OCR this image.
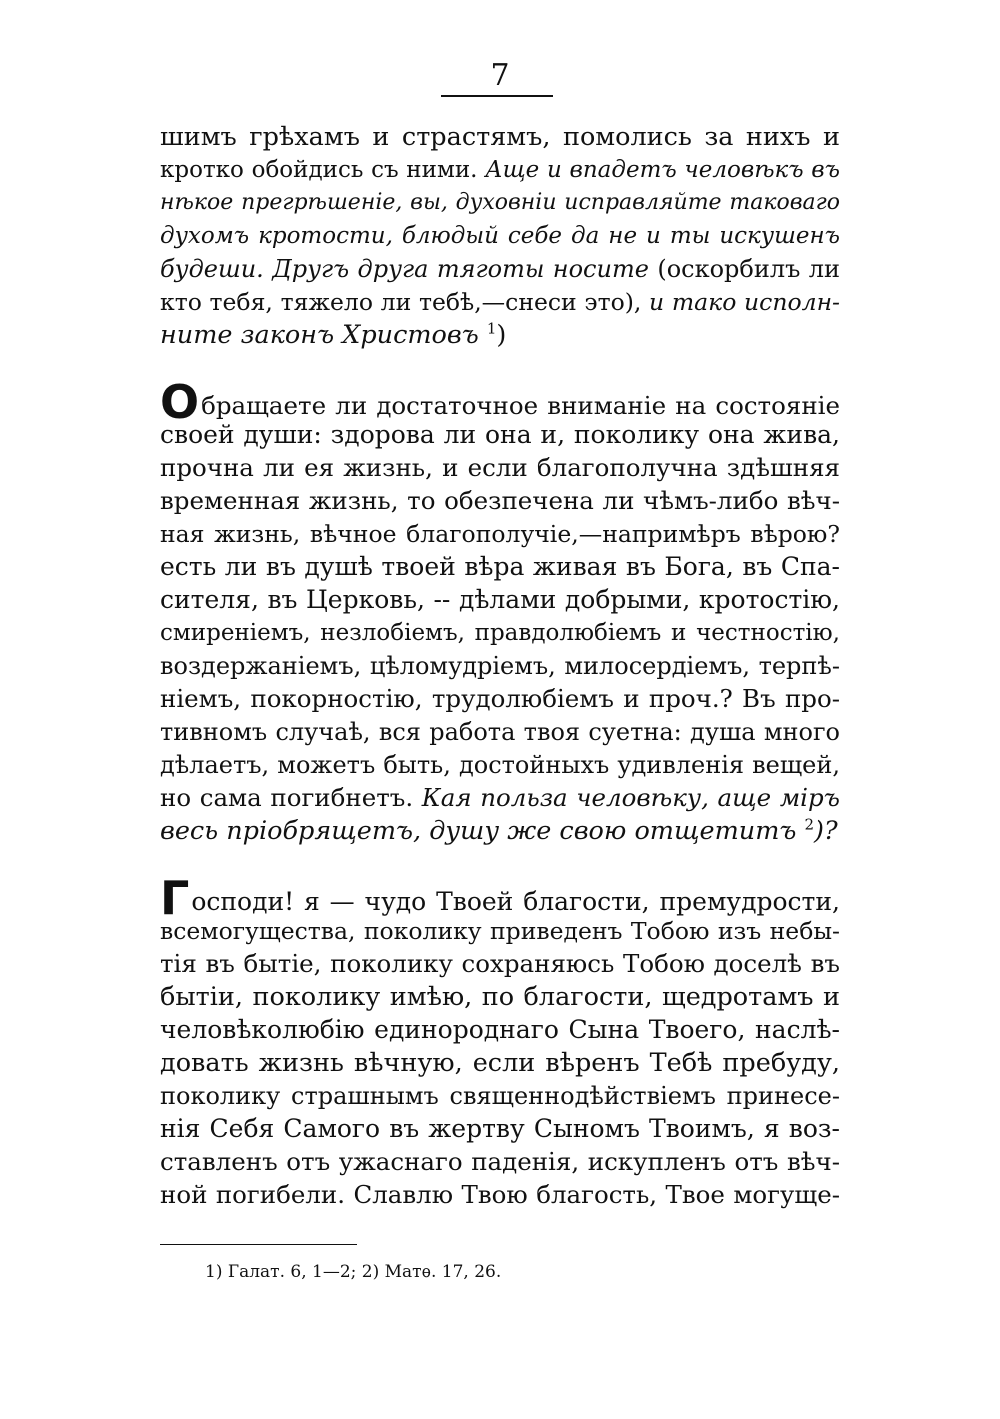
7
шимъ грѣхамъ и страстямъ, помолись за нихъ и
кротко обойдись съ ними. Аще и впадетъ человѣкъ въ
нѣкое прегрѣшеніе, вы, духовніи исправляйте таковаго
духомъ кротости, блюдый себе да не и ты искушенъ
будеши. Другъ друга тяготы носите (оскорбилъ ли
кто тебя, тяжело ли тебѣ,—снеси это), и тако исполн-
ните законъ Христовъ $^1$)
Обращаете ли достаточное вниманіе на состояніе
своей души: здорова ли она и, поколику она жива,
прочна ли ея жизнь, и если благополучна здѣшняя
временная жизнь, то обезпечена ли чѣмъ-либо вѣч-
ная жизнь, вѣчное благополучіе,—напримѣръ вѣрою?
есть ли въ душѣ твоей вѣра живая въ Бога, въ Спа-
сителя, въ Церковь, -- дѣлами добрыми, кротостію,
смиреніемъ, незлобіемъ, правдолюбіемъ и честностію,
воздержаніемъ, цѣломудріемъ, милосердіемъ, терпѣ-
ніемъ, покорностію, трудолюбіемъ и проч.? Въ про-
тивномъ случаѣ, вся работа твоя суетна: душа много
дѣлаетъ, можетъ быть, достойныхъ удивленія вещей,
но сама погибнетъ. Кая польза человѣку, аще міръ
весь пріобрящетъ, душу же свою отщетитъ $^2$)?
Господи! я — чудо Твоей благости, премудрости,
всемогущества, поколику приведенъ Тобою изъ небы-
тія въ бытіе, поколику сохраняюсь Тобою доселѣ въ
бытіи, поколику имѣю, по благости, щедротамъ и
человѣколюбію единороднаго Сына Твоего, наслѣ-
довать жизнь вѣчную, если вѣренъ Тебѣ пребуду,
поколику страшнымъ священнодѣйствіемъ принесе-
нія Себя Самого въ жертву Сыномъ Твоимъ, я воз-
ставленъ отъ ужаснаго паденія, искупленъ отъ вѣч-
ной погибели. Славлю Твою благость, Твое могуще-
1) Галат. 6, 1—2; 2) Матѳ. 17, 26.
